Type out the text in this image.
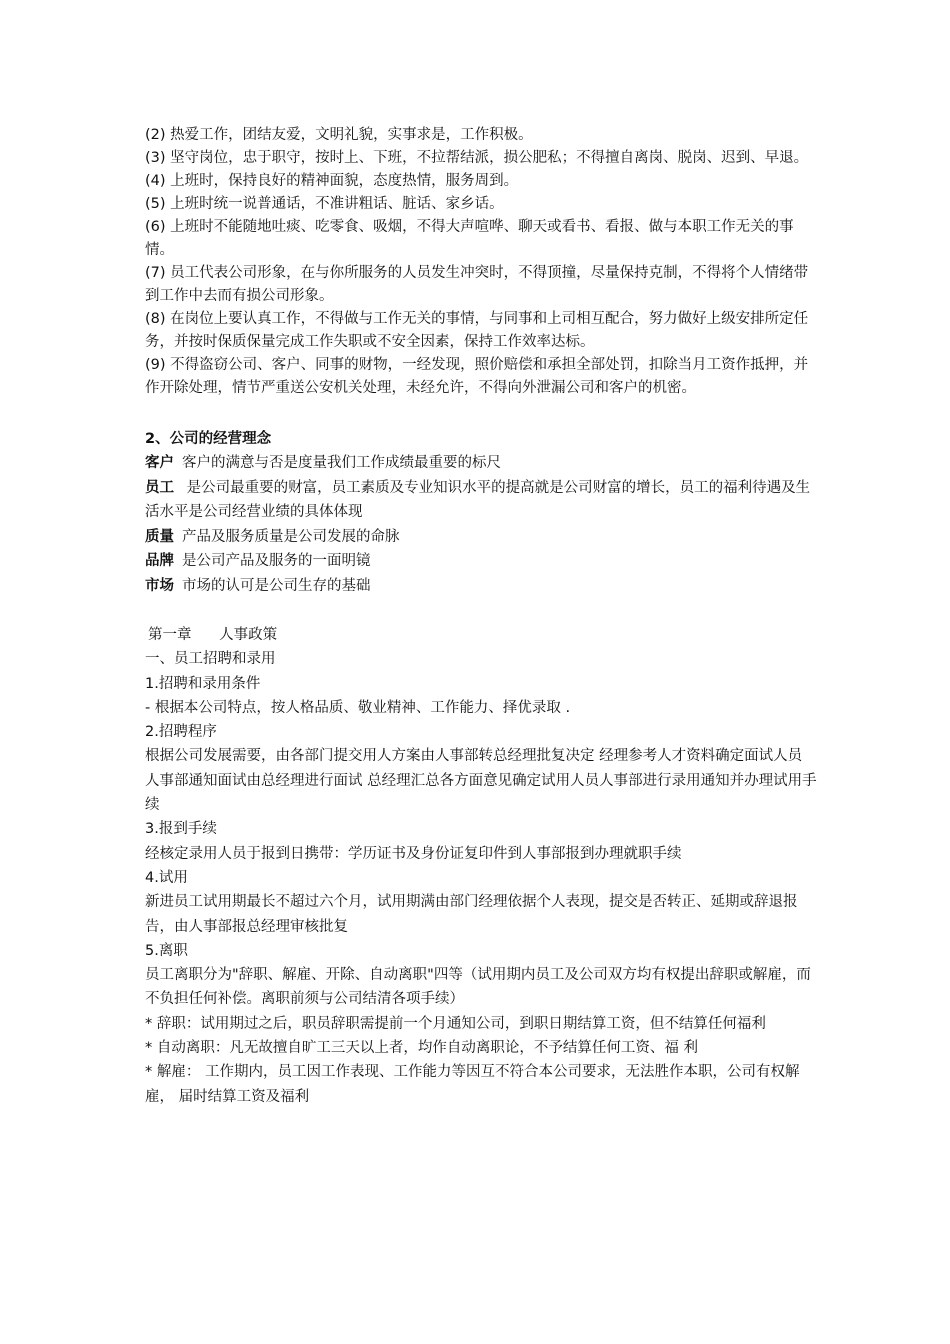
(2) 热爱工作，团结友爱，文明礼貌，实事求是，工作积极。

(3) 坚守岗位，忠于职守，按时上、下班，不拉帮结派，损公肥私；不得擅自离岗、脱岗、迟到、早退。

(4) 上班时，保持良好的精神面貌，态度热情，服务周到。

(5) 上班时统一说普通话，不准讲粗话、脏话、家乡话。

(6) 上班时不能随地吐痰、吃零食、吸烟，不得大声喧哗、聊天或看书、看报、做与本职工作无关的事情。

(7) 员工代表公司形象，在与你所服务的人员发生冲突时，不得顶撞，尽量保持克制，不得将个人情绪带到工作中去而有损公司形象。

(8) 在岗位上要认真工作，不得做与工作无关的事情，与同事和上司相互配合，努力做好上级安排所定任务，并按时保质保量完成工作失职或不安全因素，保持工作效率达标。

(9) 不得盗窃公司、客户、同事的财物，一经发现，照价赔偿和承担全部处罚，扣除当月工资作抵押，并作开除处理，情节严重送公安机关处理，未经允许，不得向外泄漏公司和客户的机密。

2、公司的经营理念

客户 客户的满意与否是度量我们工作成绩最重要的标尺

员工 是公司最重要的财富，员工素质及专业知识水平的提高就是公司财富的增长，员工的福利待遇及生活水平是公司经营业绩的具体体现

质量 产品及服务质量是公司发展的命脉

品牌 是公司产品及服务的一面明镜

市场 市场的认可是公司生存的基础

第一章      人事政策

一、员工招聘和录用

1.招聘和录用条件

- 根据本公司特点，按人格品质、敬业精神、工作能力、择优录取 .

2.招聘程序

根据公司发展需要，由各部门提交用人方案由人事部转总经理批复决定 经理参考人才资料确定面试人员 人事部通知面试由总经理进行面试 总经理汇总各方面意见确定试用人员人事部进行录用通知并办理试用手续

3.报到手续

经核定录用人员于报到日携带：学历证书及身份证复印件到人事部报到办理就职手续

4.试用

新进员工试用期最长不超过六个月，试用期满由部门经理依据个人表现，提交是否转正、延期或辞退报告，由人事部报总经理审核批复

5.离职

员工离职分为"辞职、解雇、开除、自动离职"四等（试用期内员工及公司双方均有权提出辞职或解雇，而不负担任何补偿。离职前须与公司结清各项手续）

* 辞职：试用期过之后，职员辞职需提前一个月通知公司，到职日期结算工资，但不结算任何福利

* 自动离职：凡无故擅自旷工三天以上者，均作自动离职论，不予结算任何工资、福 利

* 解雇： 工作期内，员工因工作表现、工作能力等因互不符合本公司要求，无法胜作本职，公司有权解雇， 届时结算工资及福利
